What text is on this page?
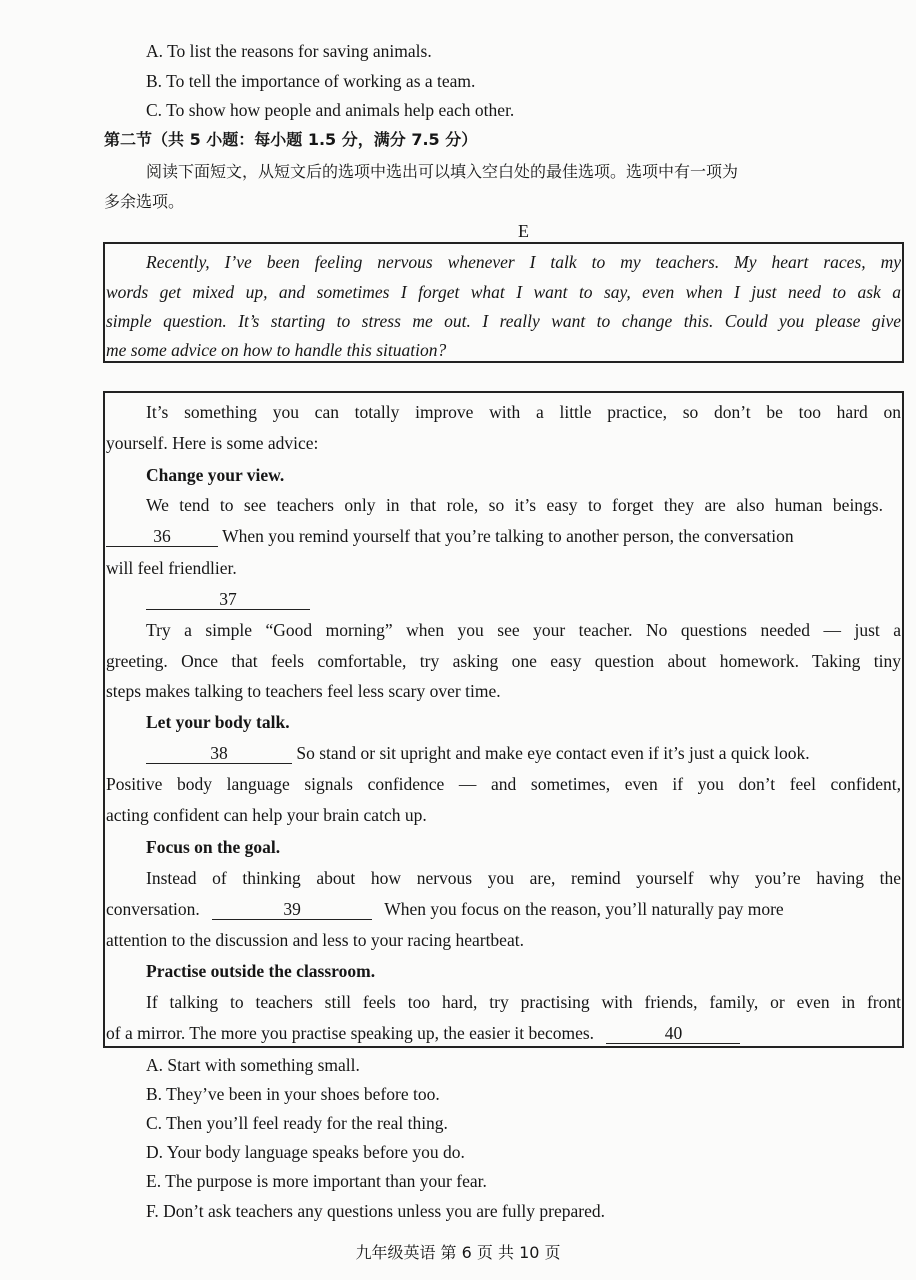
A. To list the reasons for saving animals.
B. To tell the importance of working as a team.
C. To show how people and animals help each other.
第二节（共 5 小题：每小题 1.5 分，满分 7.5 分）
阅读下面短文，从短文后的选项中选出可以填入空白处的最佳选项。选项中有一项为
多余选项。
E
Recently, I’ve been feeling nervous whenever I talk to my teachers. My heart races, my
words get mixed up, and sometimes I forget what I want to say, even when I just need to ask a
simple question. It’s starting to stress me out. I really want to change this. Could you please give
me some advice on how to handle this situation?
It’s something you can totally improve with a little practice, so don’t be too hard on
yourself. Here is some advice:
Change your view.
We tend to see teachers only in that role, so it’s easy to forget they are also human beings.
36	When you remind yourself that you’re talking to another person, the conversation
will feel friendlier.
37
Try a simple “Good morning” when you see your teacher. No questions needed — just a
greeting. Once that feels comfortable, try asking one easy question about homework. Taking tiny
steps makes talking to teachers feel less scary over time.
Let your body talk.
38	So stand or sit upright and make eye contact even if it’s just a quick look.
Positive body language signals confidence — and sometimes, even if you don’t feel confident,
acting confident can help your brain catch up.
Focus on the goal.
Instead of thinking about how nervous you are, remind yourself why you’re having the
conversation.	39	When you focus on the reason, you’ll naturally pay more
attention to the discussion and less to your racing heartbeat.
Practise outside the classroom.
If talking to teachers still feels too hard, try practising with friends, family, or even in front
of a mirror. The more you practise speaking up, the easier it becomes.	40
A. Start with something small.
B. They’ve been in your shoes before too.
C. Then you’ll feel ready for the real thing.
D. Your body language speaks before you do.
E. The purpose is more important than your fear.
F. Don’t ask teachers any questions unless you are fully prepared.
九年级英语 第 6 页 共 10 页
